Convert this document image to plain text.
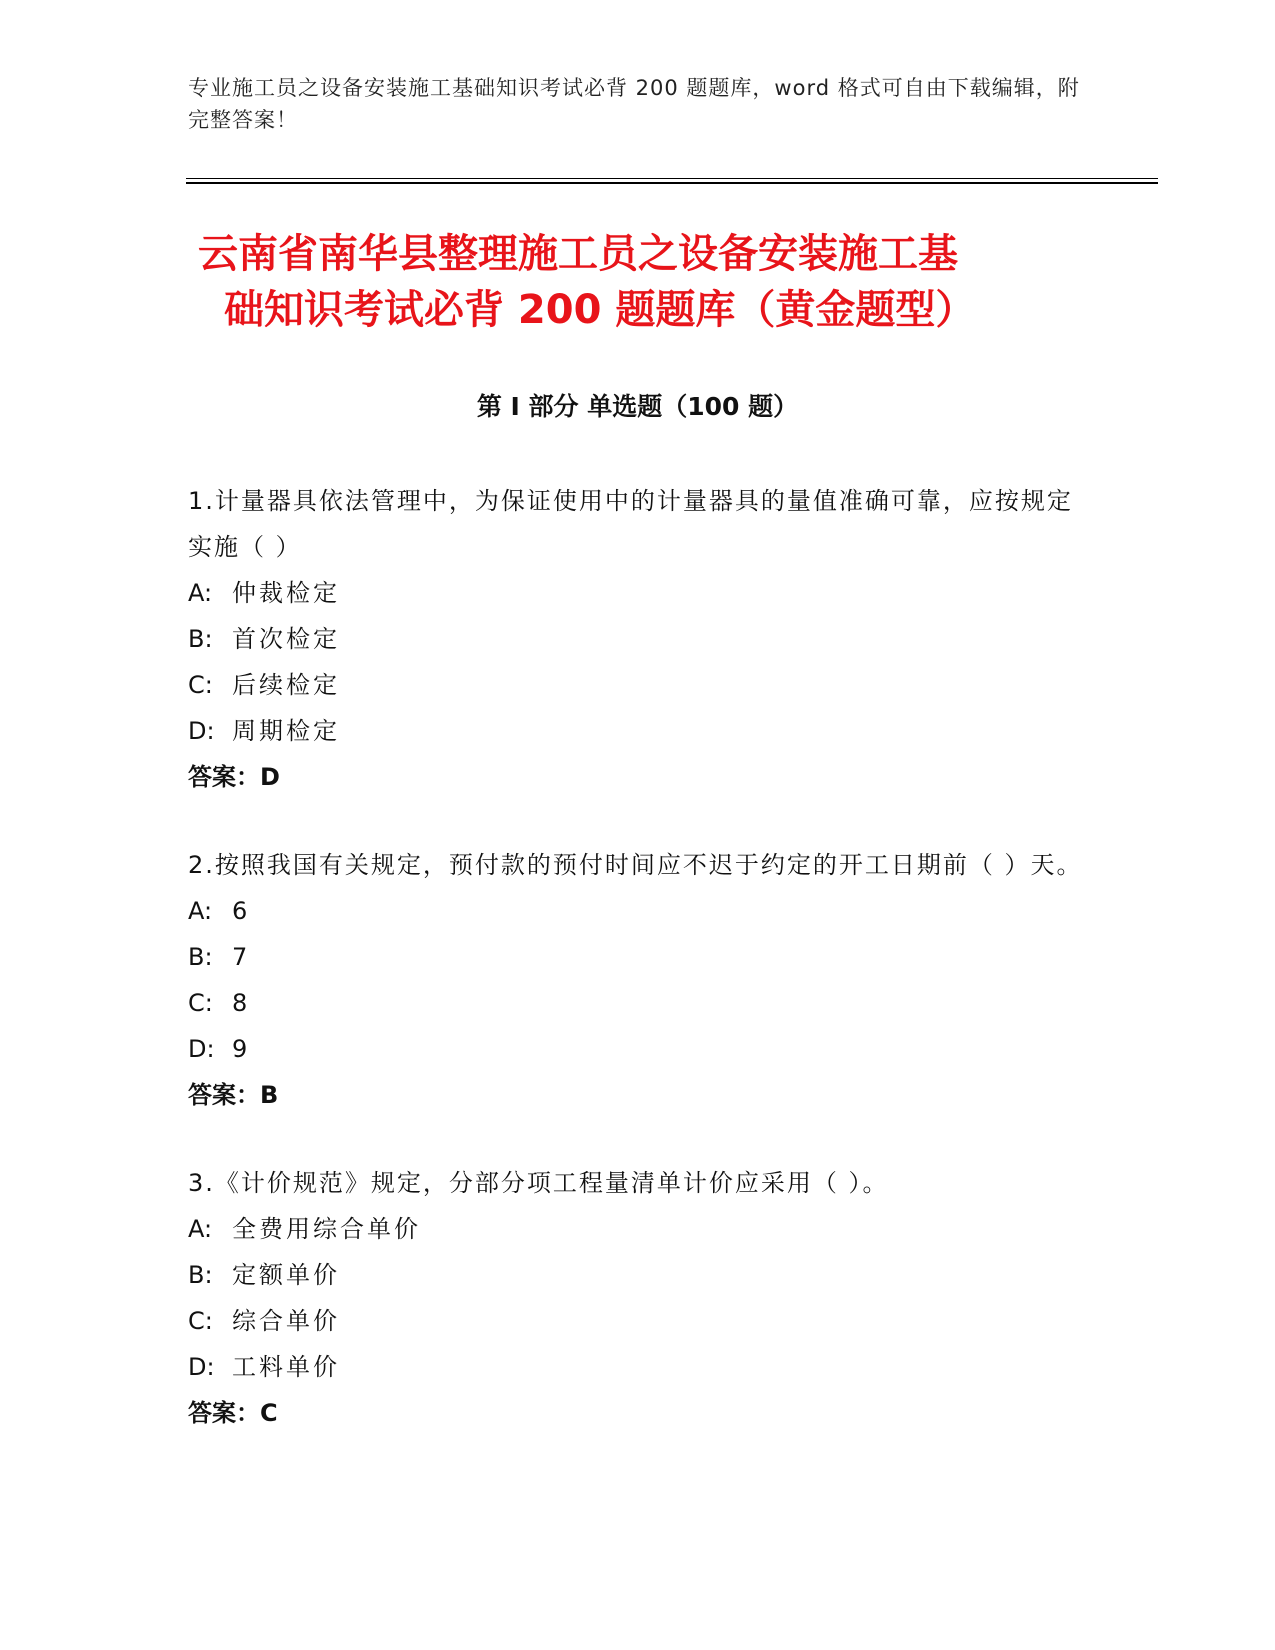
专业施工员之设备安装施工基础知识考试必背 200 题题库，word 格式可自由下载编辑，附完整答案！
云南省南华县整理施工员之设备安装施工基
础知识考试必背 200 题题库（黄金题型）
第 I 部分 单选题（100 题）
1.计量器具依法管理中，为保证使用中的计量器具的量值准确可靠，应按规定实施（ ）
A: 仲裁检定
B: 首次检定
C: 后续检定
D: 周期检定
答案：D
2.按照我国有关规定，预付款的预付时间应不迟于约定的开工日期前（ ）天。
A: 6
B: 7
C: 8
D: 9
答案：B
3.《计价规范》规定，分部分项工程量清单计价应采用（ ）。
A: 全费用综合单价
B: 定额单价
C: 综合单价
D: 工料单价
答案：C
